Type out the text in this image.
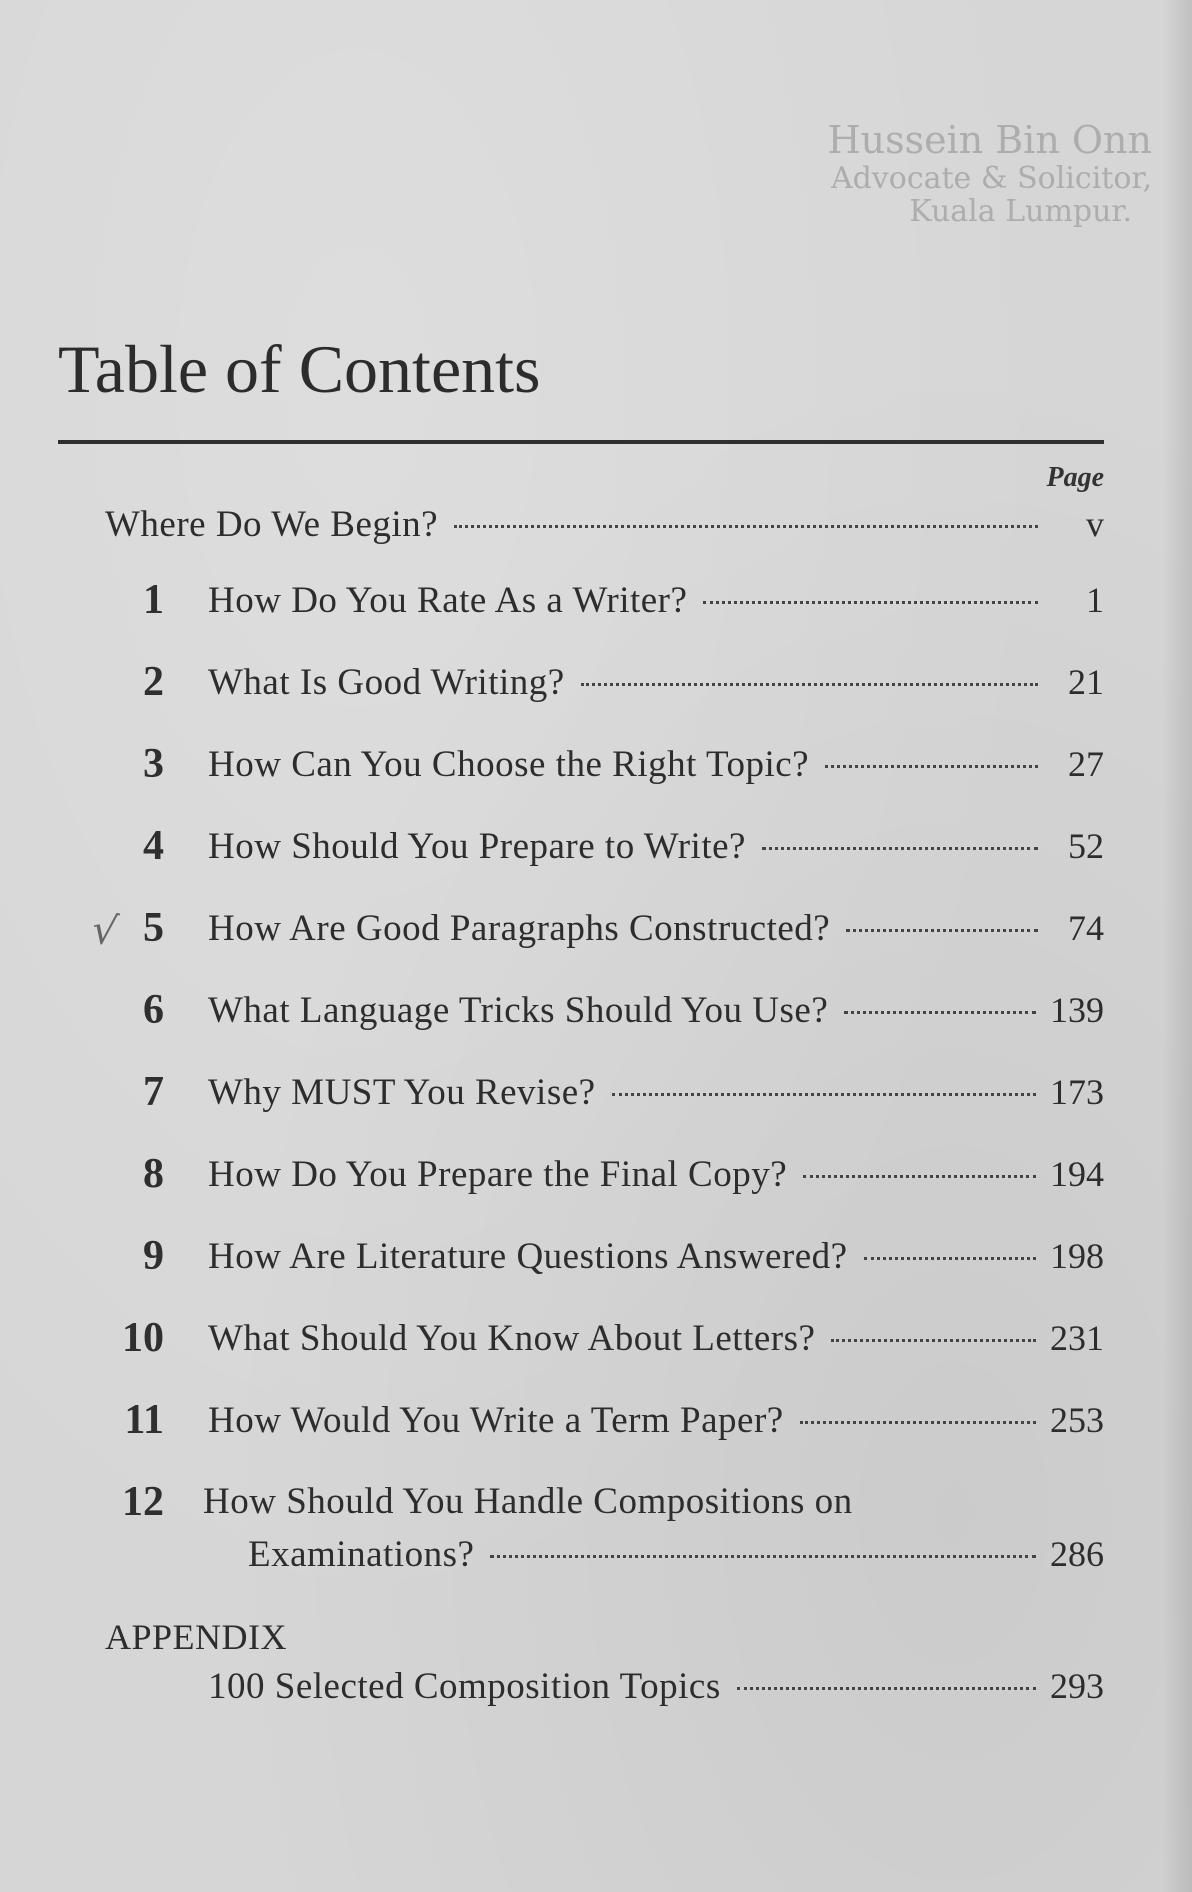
Hussein Bin Onn
Advocate & Solicitor,
Kuala Lumpur.
Table of Contents
Page
Where Do We Begin?	v
1 How Do You Rate As a Writer?	1
2 What Is Good Writing?	21
3 How Can You Choose the Right Topic?	27
4 How Should You Prepare to Write?	52
√ 5 How Are Good Paragraphs Constructed?	74
6 What Language Tricks Should You Use?	139
7 Why MUST You Revise?	173
8 How Do You Prepare the Final Copy?	194
9 How Are Literature Questions Answered?	198
10 What Should You Know About Letters?	231
11 How Would You Write a Term Paper?	253
12 How Should You Handle Compositions on
Examinations?	286
APPENDIX
100 Selected Composition Topics	293
